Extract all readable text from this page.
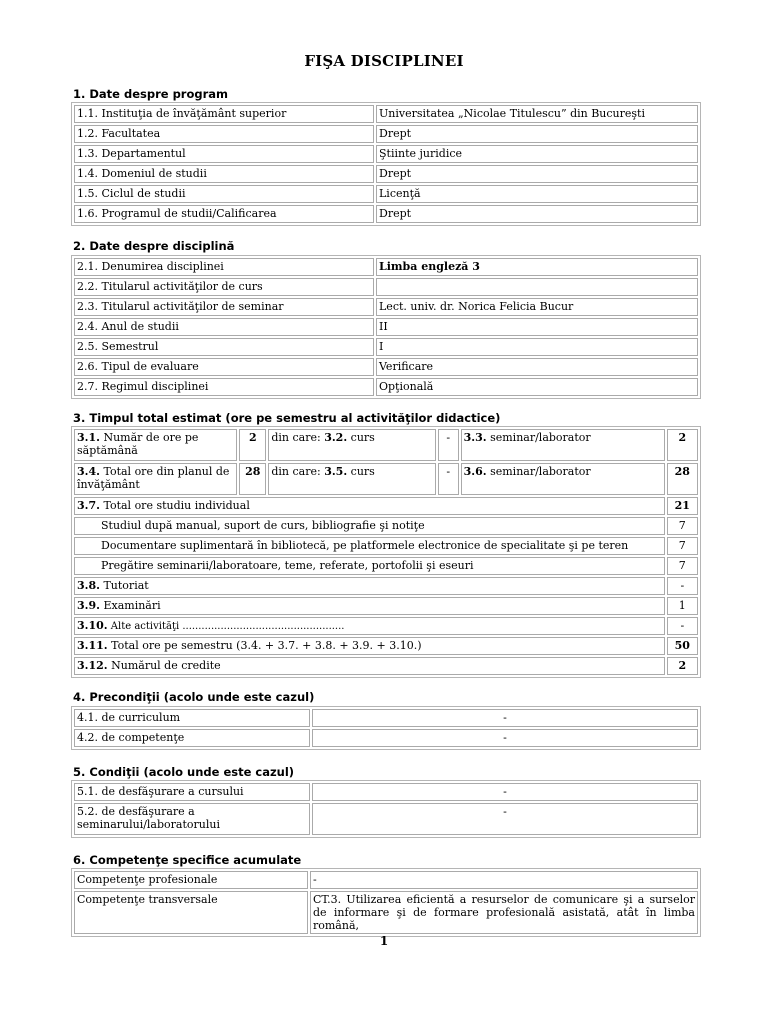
FIŞA DISCIPLINEI
1. Date despre program
1.1. Instituţia de învăţământ superior	Universitatea „Nicolae Titulescu” din Bucureşti
1.2. Facultatea	Drept
1.3. Departamentul	Ştiinte juridice
1.4. Domeniul de studii	Drept
1.5. Ciclul de studii	Licenţă
1.6. Programul de studii/Calificarea	Drept
2. Date despre disciplină
2.1. Denumirea disciplinei	Limba engleză 3
2.2. Titularul activităţilor de curs	
2.3. Titularul activităţilor de seminar	Lect. univ. dr. Norica Felicia Bucur
2.4. Anul de studii	II
2.5. Semestrul	I
2.6. Tipul de evaluare	Verificare
2.7. Regimul disciplinei	Opţională
3. Timpul total estimat (ore pe semestru al activităţilor didactice)
3.1. Număr de ore pe săptămână	2	din care: 3.2. curs	-	3.3. seminar/laborator	2
3.4. Total ore din planul de învăţământ	28	din care: 3.5. curs	-	3.6. seminar/laborator	28
3.7. Total ore studiu individual					21
Studiul după manual, suport de curs, bibliografie şi notiţe					7
Documentare suplimentară în bibliotecă, pe platformele electronice de specialitate şi pe teren					7
Pregătire seminarii/laboratoare, teme, referate, portofolii şi eseuri					7
3.8. Tutoriat					-
3.9. Examinări					1
3.10. Alte activităţi ...................................................					-
3.11. Total ore pe semestru (3.4. + 3.7. + 3.8. + 3.9. + 3.10.)					50
3.12. Numărul de credite					2
4. Precondiţii (acolo unde este cazul)
4.1. de curriculum	-
4.2. de competenţe	-
5. Condiţii (acolo unde este cazul)
5.1. de desfăşurare a cursului	-
5.2. de desfăşurare a seminarului/laboratorului	-
6. Competenţe specifice acumulate
Competenţe profesionale	-
Competenţe transversale	CT.3. Utilizarea eficientă a resurselor de comunicare şi a surselor de informare şi de formare profesională asistată, atât în limba română,
1
